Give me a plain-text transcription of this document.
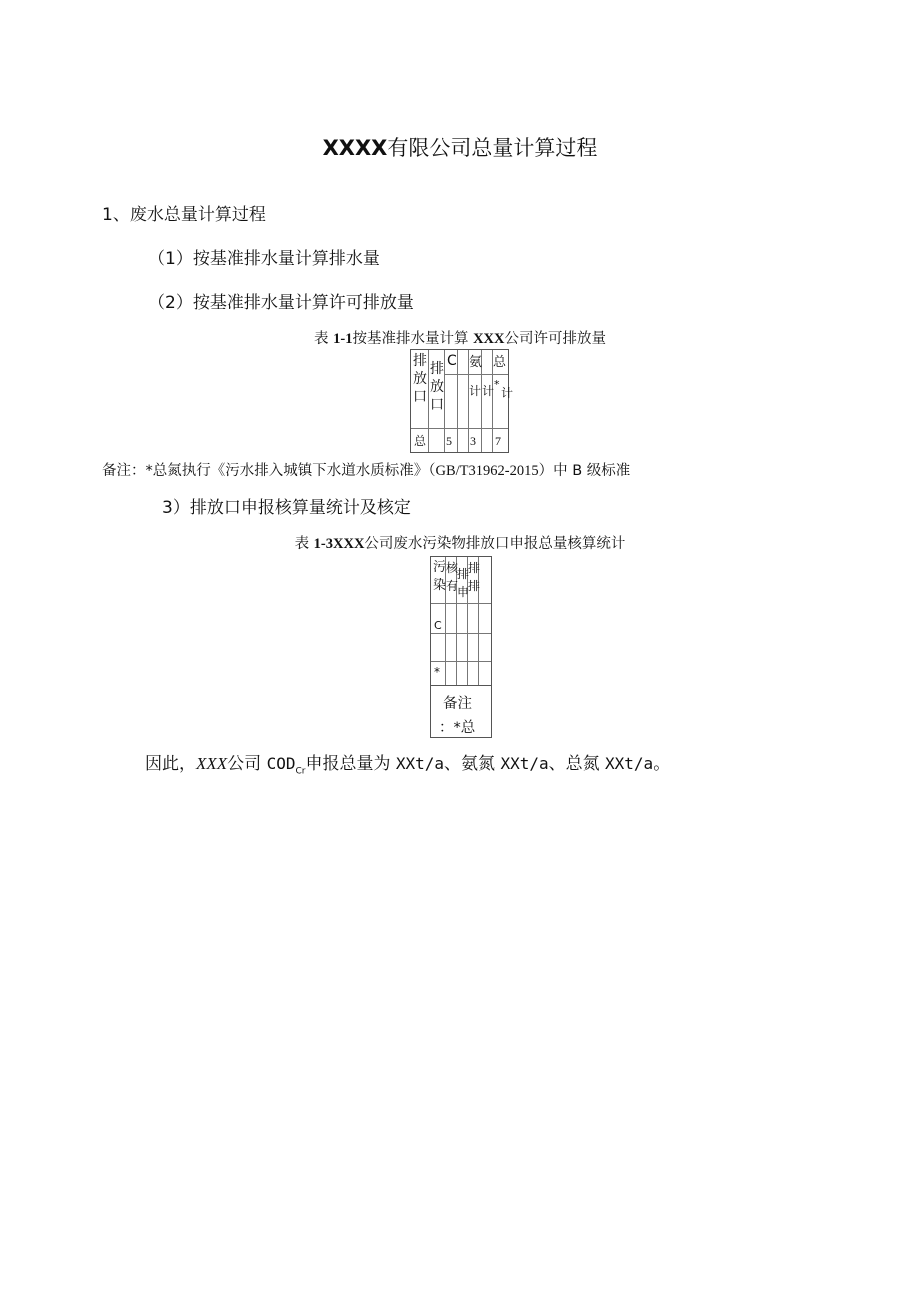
XXXX有限公司总量计算过程
1、废水总量计算过程
（1）按基准排水量计算排水量
（2）按基准排水量计算许可排放量
表 1-1按基准排水量计算 XXX公司许可排放量
排
放
口
排
放
口
C 氨 总
计 计 *
计
总 5 3 7
备注：*总氮执行《污水排入城镇下水道水质标准》（GB/T31962-2015）中 B 级标准
3）排放口申报核算量统计及核定
表 1-3XXX公司废水污染物排放口申报总量核算统计
污
染
核
有
排
申
排
排
C
*
备注
：*总
因此，XXX公司 $COD_{Cr}$申报总量为 XXt/a、氨氮 XXt/a、总氮 XXt/a。
